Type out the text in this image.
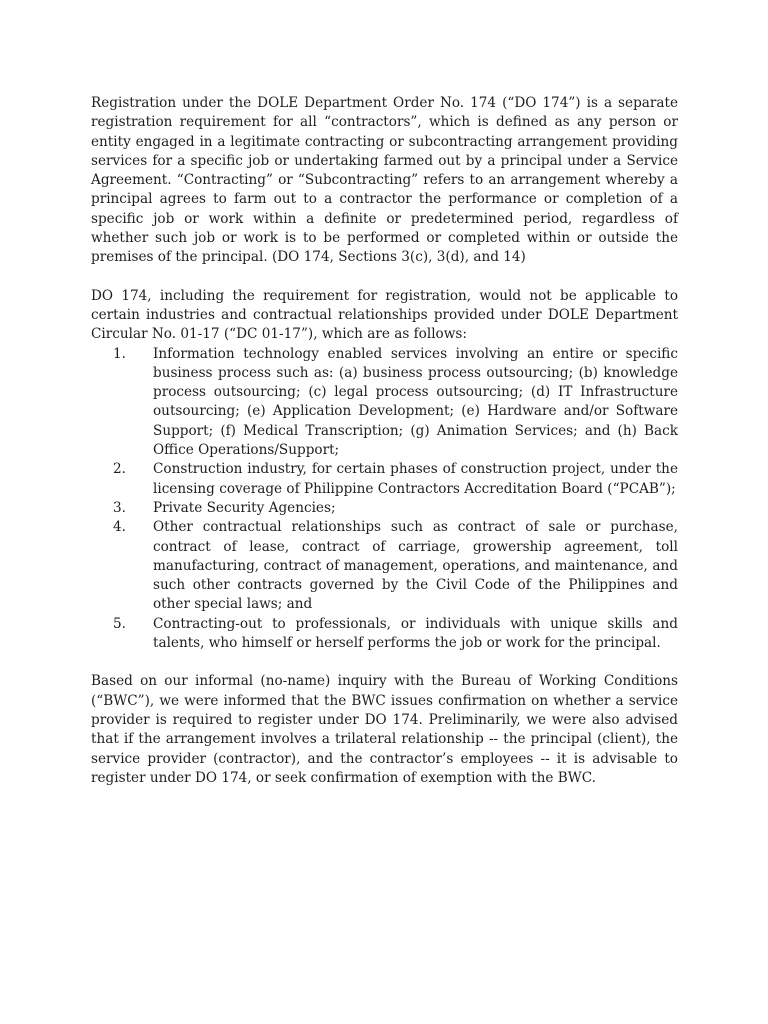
Registration under the DOLE Department Order No. 174 (“DO 174”) is a separate registration requirement for all “contractors”, which is defined as any person or entity engaged in a legitimate contracting or subcontracting arrangement providing services for a specific job or undertaking farmed out by a principal under a Service Agreement. “Contracting” or “Subcontracting” refers to an arrangement whereby a principal agrees to farm out to a contractor the performance or completion of a specific job or work within a definite or predetermined period, regardless of whether such job or work is to be performed or completed within or outside the premises of the principal. (DO 174, Sections 3(c), 3(d), and 14)

DO 174, including the requirement for registration, would not be applicable to certain industries and contractual relationships provided under DOLE Department Circular No. 01-17 (“DC 01-17”), which are as follows:

1. Information technology enabled services involving an entire or specific business process such as: (a) business process outsourcing; (b) knowledge process outsourcing; (c) legal process outsourcing; (d) IT Infrastructure outsourcing; (e) Application Development; (e) Hardware and/or Software Support; (f) Medical Transcription; (g) Animation Services; and (h) Back Office Operations/Support;
2. Construction industry, for certain phases of construction project, under the licensing coverage of Philippine Contractors Accreditation Board (“PCAB”);
3. Private Security Agencies;
4. Other contractual relationships such as contract of sale or purchase, contract of lease, contract of carriage, growership agreement, toll manufacturing, contract of management, operations, and maintenance, and such other contracts governed by the Civil Code of the Philippines and other special laws; and
5. Contracting-out to professionals, or individuals with unique skills and talents, who himself or herself performs the job or work for the principal.

Based on our informal (no-name) inquiry with the Bureau of Working Conditions (“BWC”), we were informed that the BWC issues confirmation on whether a service provider is required to register under DO 174. Preliminarily, we were also advised that if the arrangement involves a trilateral relationship -- the principal (client), the service provider (contractor), and the contractor’s employees -- it is advisable to register under DO 174, or seek confirmation of exemption with the BWC.
